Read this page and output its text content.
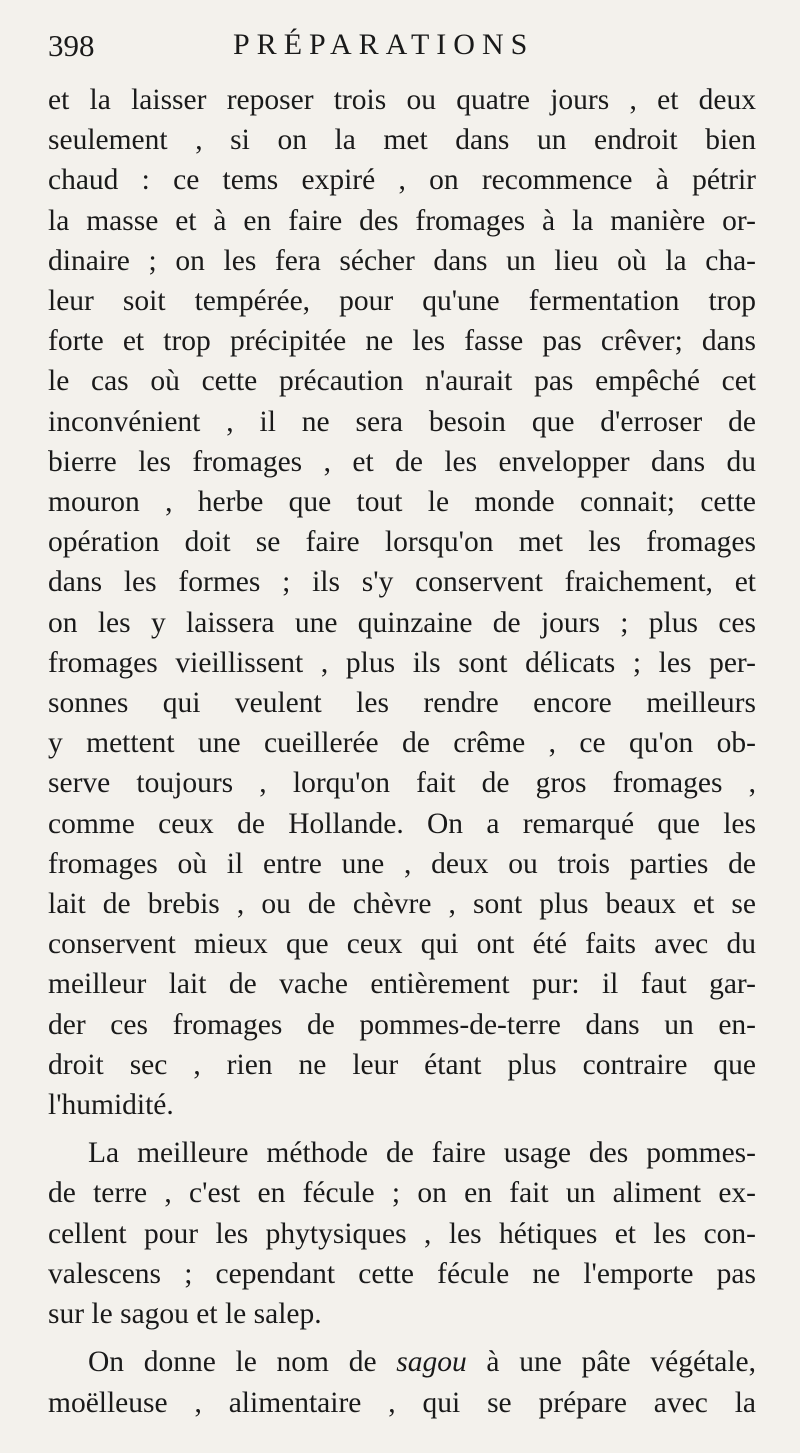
398	PRÉPARATIONS
et la laisser reposer trois ou quatre jours , et deux
seulement , si on la met dans un endroit bien
chaud : ce tems expiré , on recommence à pétrir
la masse et à en faire des fromages à la manière or-
dinaire ; on les fera sécher dans un lieu où la cha-
leur soit tempérée, pour qu'une fermentation trop
forte et trop précipitée ne les fasse pas crêver; dans
le cas où cette précaution n'aurait pas empêché cet
inconvénient , il ne sera besoin que d'erroser de
bierre les fromages , et de les envelopper dans du
mouron , herbe que tout le monde connait; cette
opération doit se faire lorsqu'on met les fromages
dans les formes ; ils s'y conservent fraichement, et
on les y laissera une quinzaine de jours ; plus ces
fromages vieillissent , plus ils sont délicats ; les per-
sonnes qui veulent les rendre encore meilleurs
y mettent une cueillerée de crême , ce qu'on ob-
serve toujours , lorqu'on fait de gros fromages ,
comme ceux de Hollande. On a remarqué que les
fromages où il entre une , deux ou trois parties de
lait de brebis , ou de chèvre , sont plus beaux et se
conservent mieux que ceux qui ont été faits avec du
meilleur lait de vache entièrement pur: il faut gar-
der ces fromages de pommes-de-terre dans un en-
droit sec , rien ne leur étant plus contraire que
l'humidité.
La meilleure méthode de faire usage des pommes-
de terre , c'est en fécule ; on en fait un aliment ex-
cellent pour les phytysiques , les hétiques et les con-
valescens ; cependant cette fécule ne l'emporte pas
sur le sagou et le salep.
On donne le nom de sagou à une pâte végétale,
moëlleuse , alimentaire , qui se prépare avec la
